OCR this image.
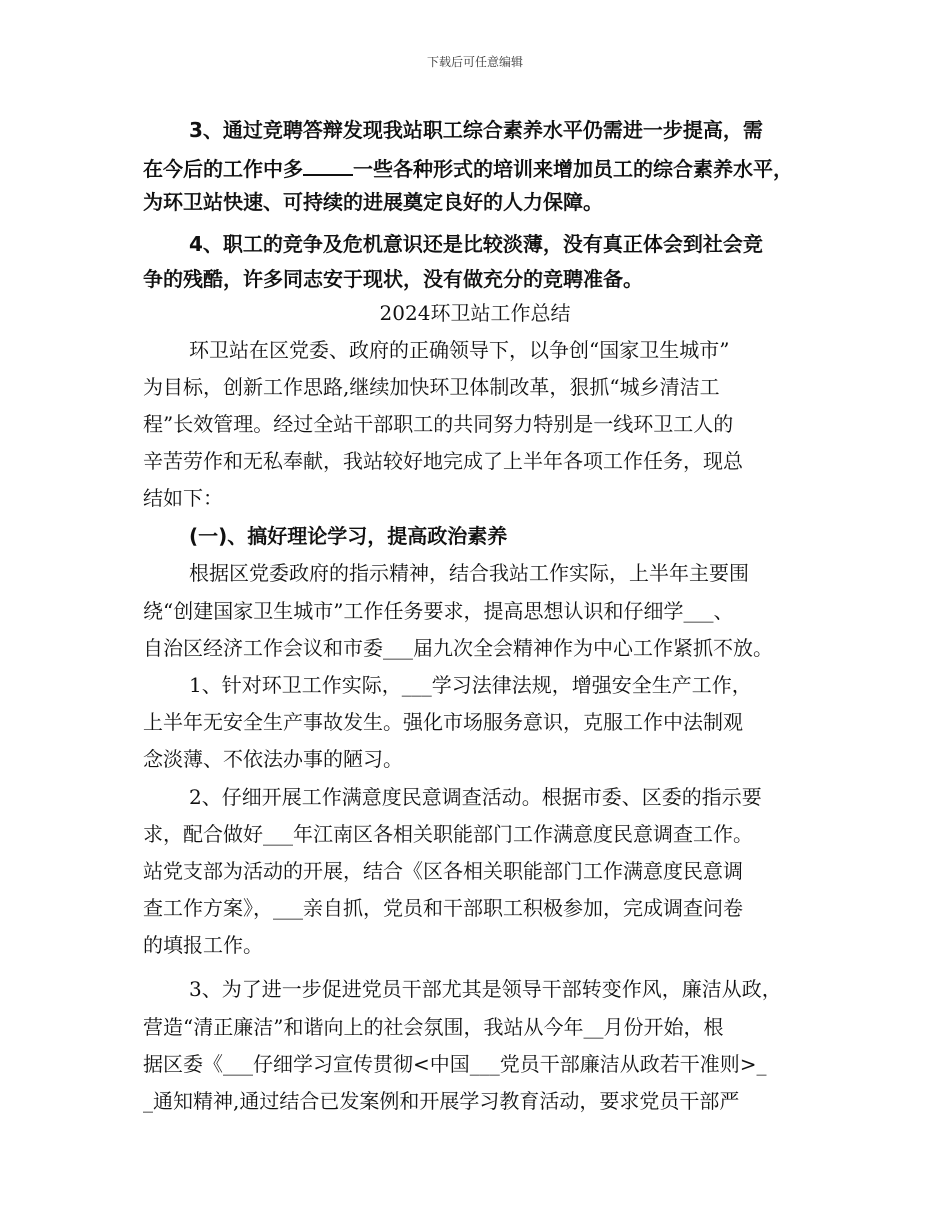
下载后可任意编辑
3、通过竞聘答辩发现我站职工综合素养水平仍需进一步提高，需
在今后的工作中多	一些各种形式的培训来增加员工的综合素养水平，
为环卫站快速、可持续的进展奠定良好的人力保障。
4、职工的竞争及危机意识还是比较淡薄，没有真正体会到社会竞
争的残酷，许多同志安于现状，没有做充分的竞聘准备。
2024环卫站工作总结
环卫站在区党委、政府的正确领导下，以争创“国家卫生城市”
为目标，创新工作思路,继续加快环卫体制改革，狠抓“城乡清洁工
程”长效管理。经过全站干部职工的共同努力特别是一线环卫工人的
辛苦劳作和无私奉献，我站较好地完成了上半年各项工作任务，现总
结如下：
(一)、搞好理论学习，提高政治素养
根据区党委政府的指示精神，结合我站工作实际，上半年主要围
绕“创建国家卫生城市”工作任务要求，提高思想认识和仔细学___、
自治区经济工作会议和市委___届九次全会精神作为中心工作紧抓不放。
1、针对环卫工作实际，___学习法律法规，增强安全生产工作，
上半年无安全生产事故发生。强化市场服务意识，克服工作中法制观
念淡薄、不依法办事的陋习。
2、仔细开展工作满意度民意调查活动。根据市委、区委的指示要
求，配合做好___年江南区各相关职能部门工作满意度民意调查工作。
站党支部为活动的开展，结合《区各相关职能部门工作满意度民意调
查工作方案》，___亲自抓，党员和干部职工积极参加，完成调查问卷
的填报工作。
3、为了进一步促进党员干部尤其是领导干部转变作风，廉洁从政，
营造“清正廉洁”和谐向上的社会氛围，我站从今年__月份开始，根
据区委《___仔细学习宣传贯彻<中国___党员干部廉洁从政若干准则>_
_通知精神,通过结合已发案例和开展学习教育活动，要求党员干部严
